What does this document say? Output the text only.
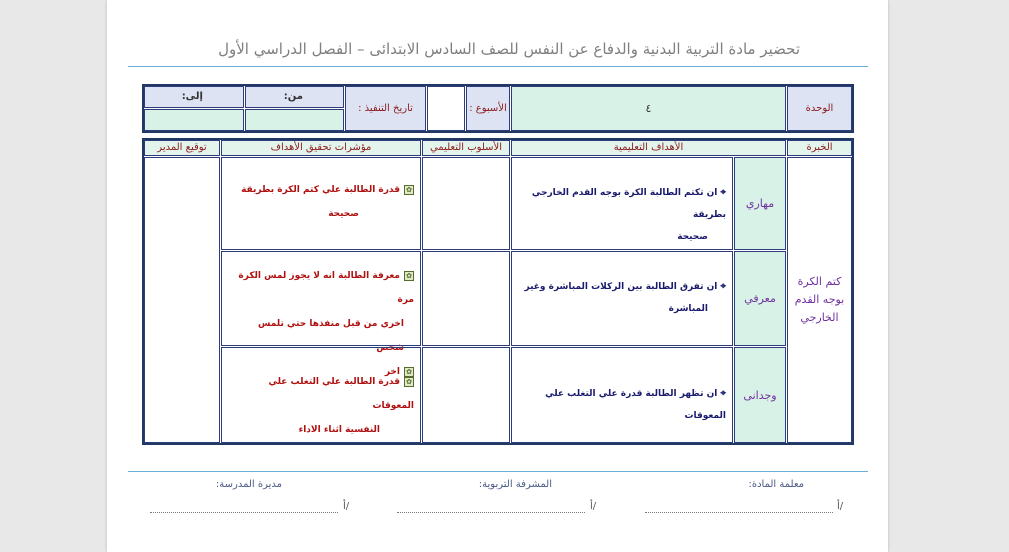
تحضير مادة التربية البدنية والدفاع عن النفس للصف السادس الابتدائى – الفصل الدراسي الأول
الوحدة
٤
الأسبوع :
تاريخ التنفيذ :
من:
إلى:
الخبرة
الأهداف التعليمية
الأسلوب التعليمي
مؤشرات تحقيق الأهداف
توقيع المدير
كتم الكرة بوجه القدم الخارجي
مهاري
⌖ان تكتم الطالبة الكرة بوجه القدم الخارجي بطريقة
صحيحة
✿قدرة الطالبة علي كتم الكرة بطريقة
صحيحة
معرفي
⌖ان تفرق الطالبة بين الركلات المباشرة وغير
المباشرة
✿معرفة الطالبة انه لا يجوز لمس الكرة مرة
اخري من قبل منفذها حتي تلمس شخص
✿اخر
وجدانى
⌖ان تظهر الطالبة قدرة علي التغلب علي المعوقات
✿قدرة الطالبة علي التغلب علي المعوقات
النفسية اثناء الاداء
معلمة المادة:
المشرفة التربوية:
مديرة المدرسة:
أ/
أ/
أ/
